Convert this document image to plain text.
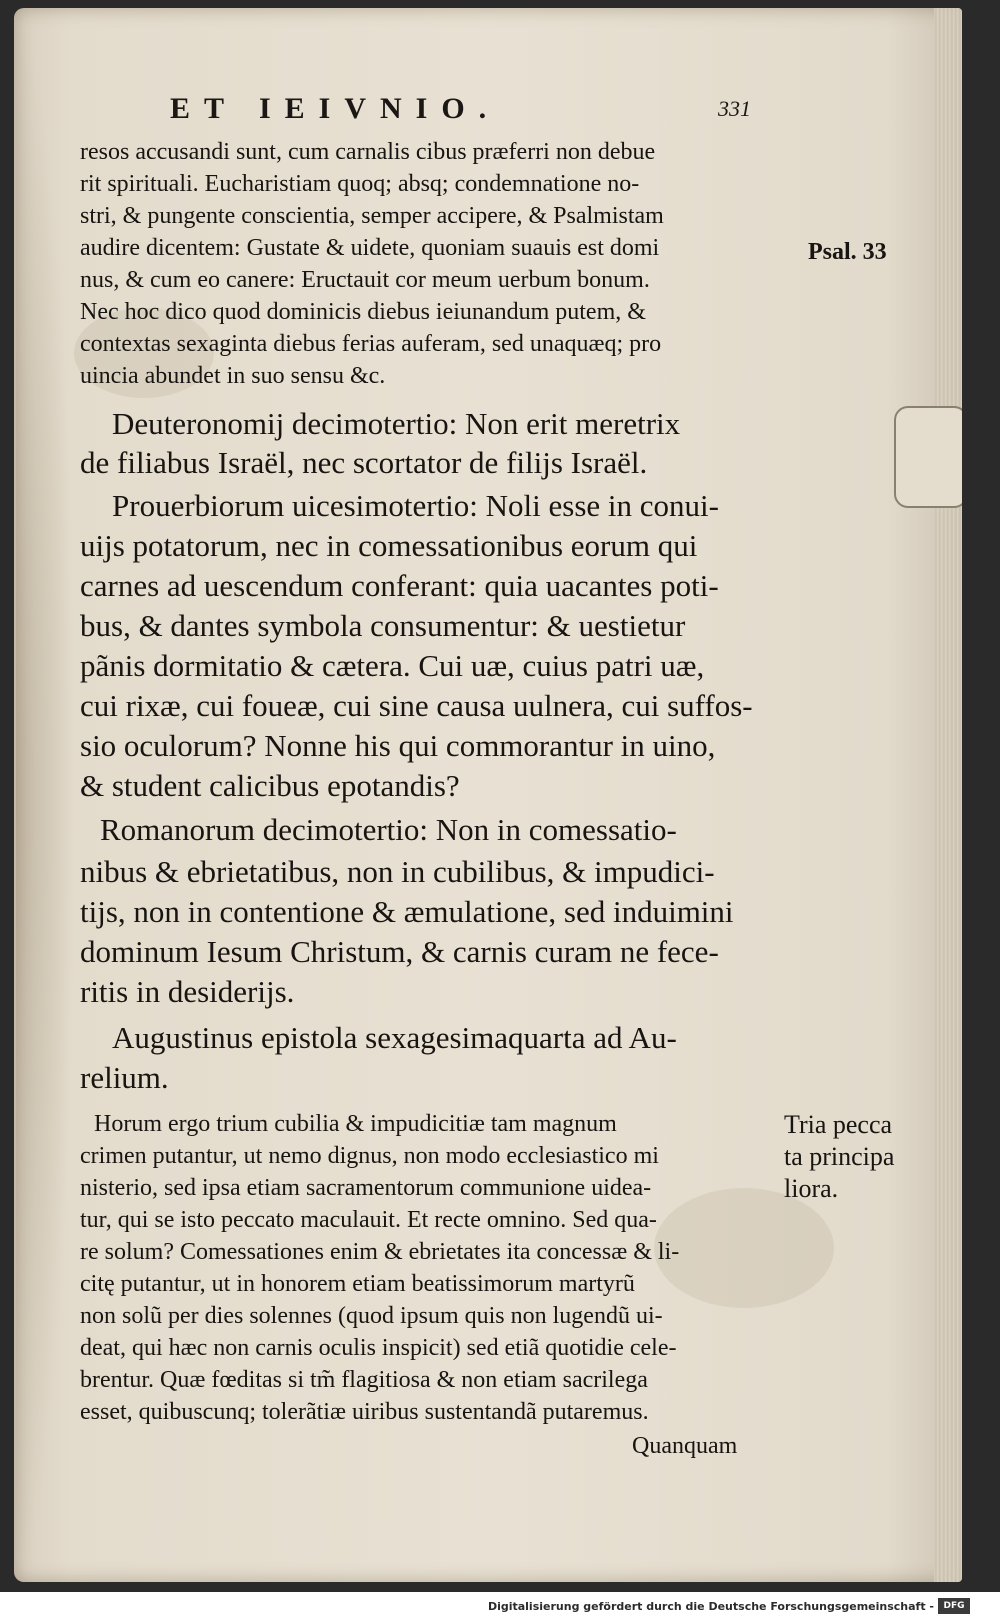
ET IEIVNIO.	331
resos accusandi sunt, cum carnalis cibus præferri non debue
rit spirituali. Eucharistiam quoq; absq; condemnatione no-
stri, & pungente conscientia, semper accipere, & Psalmistam
audire dicentem: Gustate & uidete, quoniam suauis est domi
nus, & cum eo canere: Eructauit cor meum uerbum bonum.
Nec hoc dico quod dominicis diebus ieiunandum putem, &
contextas sexaginta diebus ferias auferam, sed unaquæq; pro
uincia abundet in suo sensu &c.
Deuteronomij decimotertio: Non erit meretrix
de filiabus Israël, nec scortator de filijs Israël.
Prouerbiorum uicesimotertio: Noli esse in conui-
uijs potatorum, nec in comessationibus eorum qui
carnes ad uescendum conferant: quia uacantes poti-
bus, & dantes symbola consumentur: & uestietur
pãnis dormitatio & cætera. Cui uæ, cuius patri uæ,
cui rixæ, cui foueæ, cui sine causa uulnera, cui suffos-
sio oculorum? Nonne his qui commorantur in uino,
& student calicibus epotandis?
Romanorum decimotertio: Non in comessatio-
nibus & ebrietatibus, non in cubilibus, & impudici-
tijs, non in contentione & æmulatione, sed induimini
dominum Iesum Christum, & carnis curam ne fece-
ritis in desiderijs.
Augustinus epistola sexagesimaquarta ad Au-
relium.
Horum ergo trium cubilia & impudicitiæ tam magnum
crimen putantur, ut nemo dignus, non modo ecclesiastico mi
nisterio, sed ipsa etiam sacramentorum communione uidea-
tur, qui se isto peccato maculauit. Et recte omnino. Sed qua-
re solum? Comessationes enim & ebrietates ita concessæ & li-
citę putantur, ut in honorem etiam beatissimorum martyrũ
non solũ per dies solennes (quod ipsum quis non lugendũ ui-
deat, qui hæc non carnis oculis inspicit) sed etiã quotidie cele-
brentur. Quæ fœditas si tm̃ flagitiosa & non etiam sacrilega
esset, quibuscunq; tolerãtiæ uiribus sustentandã putaremus.
Quanquam
Psal. 33
Tria pecca
ta principa
liora.
Digitalisierung gefördert durch die Deutsche Forschungsgemeinschaft -	DFG
